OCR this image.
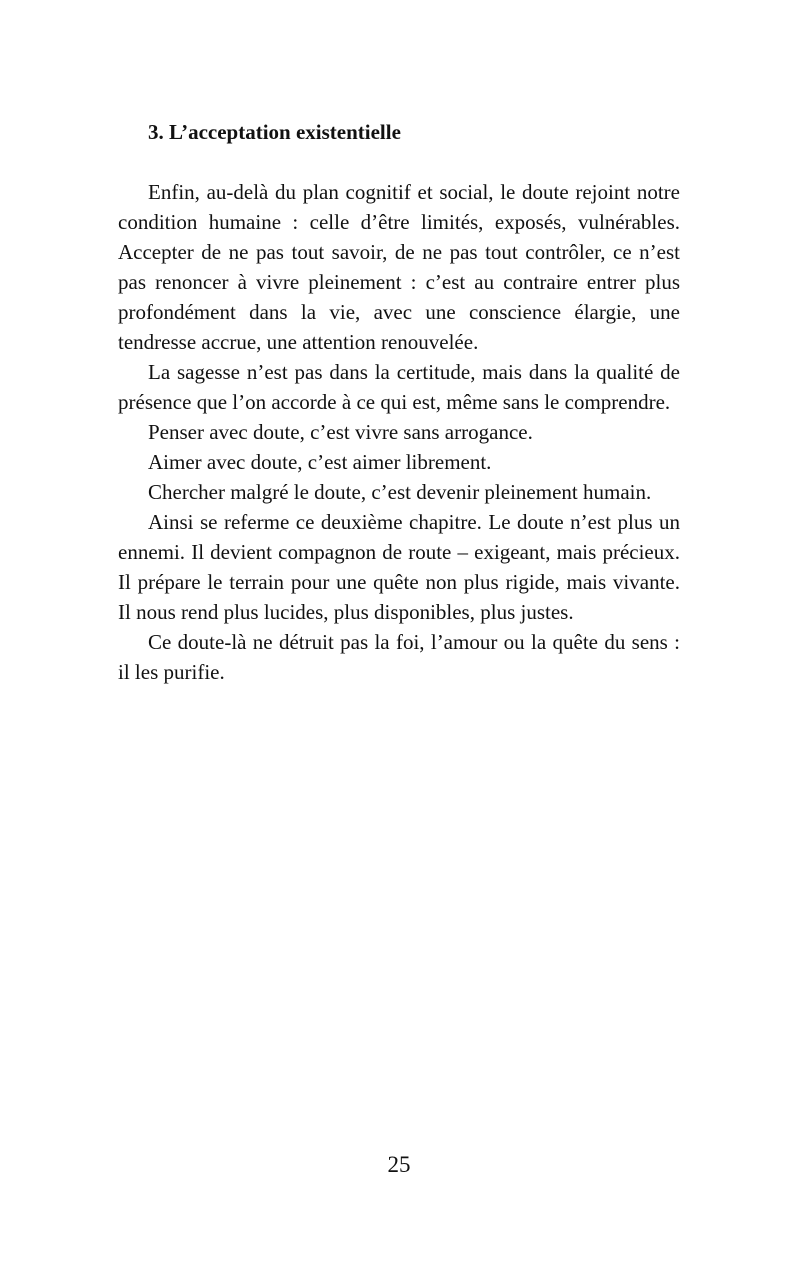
3. L’acceptation existentielle

Enfin, au-delà du plan cognitif et social, le doute rejoint notre condition humaine : celle d’être limités, exposés, vulnérables. Accepter de ne pas tout savoir, de ne pas tout contrôler, ce n’est pas renoncer à vivre pleinement : c’est au contraire entrer plus profondément dans la vie, avec une conscience élargie, une tendresse accrue, une attention renouvelée.

La sagesse n’est pas dans la certitude, mais dans la qualité de présence que l’on accorde à ce qui est, même sans le comprendre.

Penser avec doute, c’est vivre sans arrogance.

Aimer avec doute, c’est aimer librement.

Chercher malgré le doute, c’est devenir pleinement humain.

Ainsi se referme ce deuxième chapitre. Le doute n’est plus un ennemi. Il devient compagnon de route – exigeant, mais précieux. Il prépare le terrain pour une quête non plus rigide, mais vivante. Il nous rend plus lucides, plus disponibles, plus justes.

Ce doute-là ne détruit pas la foi, l’amour ou la quête du sens : il les purifie.

25
